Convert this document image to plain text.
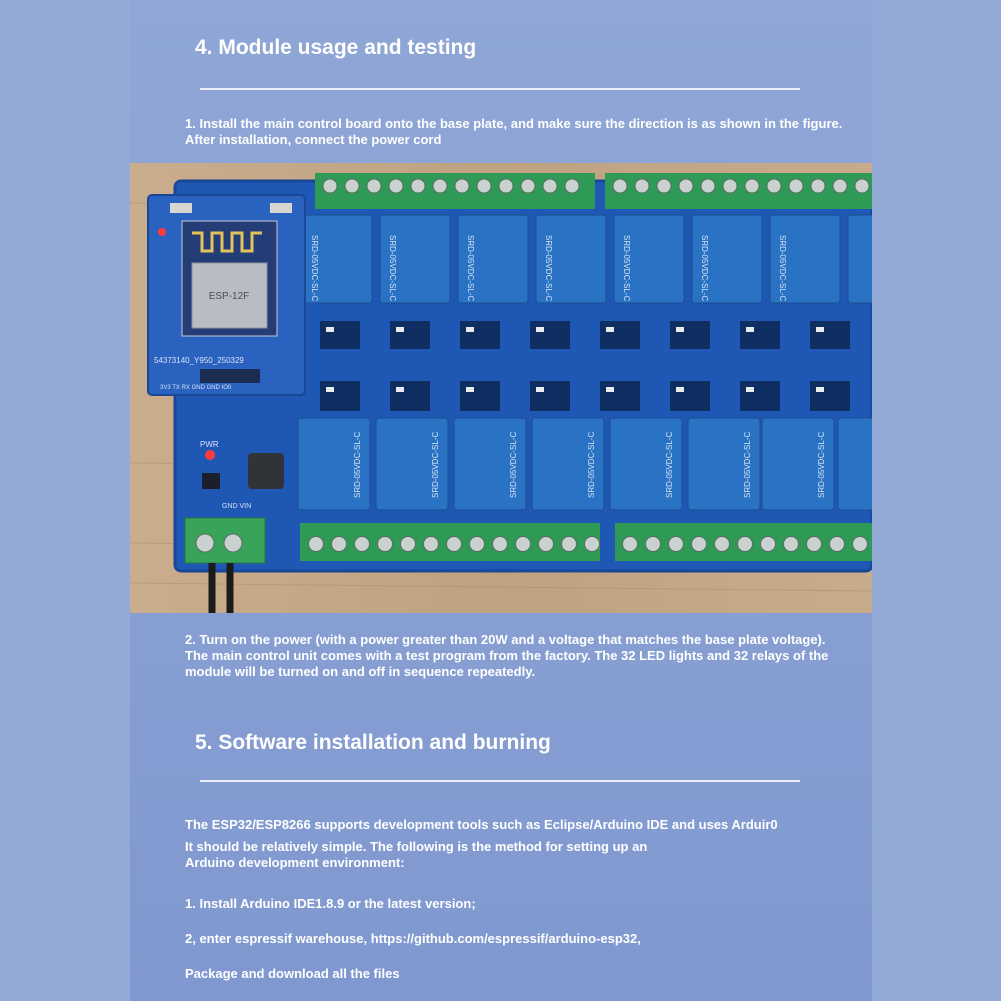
4. Module usage and testing

1. Install the main control board onto the base plate, and make sure the direction is as shown in the figure. After installation, connect the power cord

SRD-05VDC-SL-C	SRD-05VDC-SL-C	SRD-05VDC-SL-C	SRD-05VDC-SL-C	SRD-05VDC-SL-C	SRD-05VDC-SL-C	SRD-05VDC-SL-C
SRD-05VDC-SL-C	SRD-05VDC-SL-C	SRD-05VDC-SL-C	SRD-05VDC-SL-C	SRD-05VDC-SL-C	SRD-05VDC-SL-C	SRD-05VDC-SL-C
ESP-12F
54373140_Y950_250329
3V3 TX RX GND GND IO0
PWR
GND VIN

2. Turn on the power (with a power greater than 20W and a voltage that matches the base plate voltage). The main control unit comes with a test program from the factory. The 32 LED lights and 32 relays of the module will be turned on and off in sequence repeatedly.

5. Software installation and burning

The ESP32/ESP8266 supports development tools such as Eclipse/Arduino IDE and uses Arduir0

It should be relatively simple. The following is the method for setting up an

Arduino development environment:

1. Install Arduino IDE1.8.9 or the latest version;

2, enter espressif warehouse, https://github.com/espressif/arduino-esp32,

Package and download all the files
